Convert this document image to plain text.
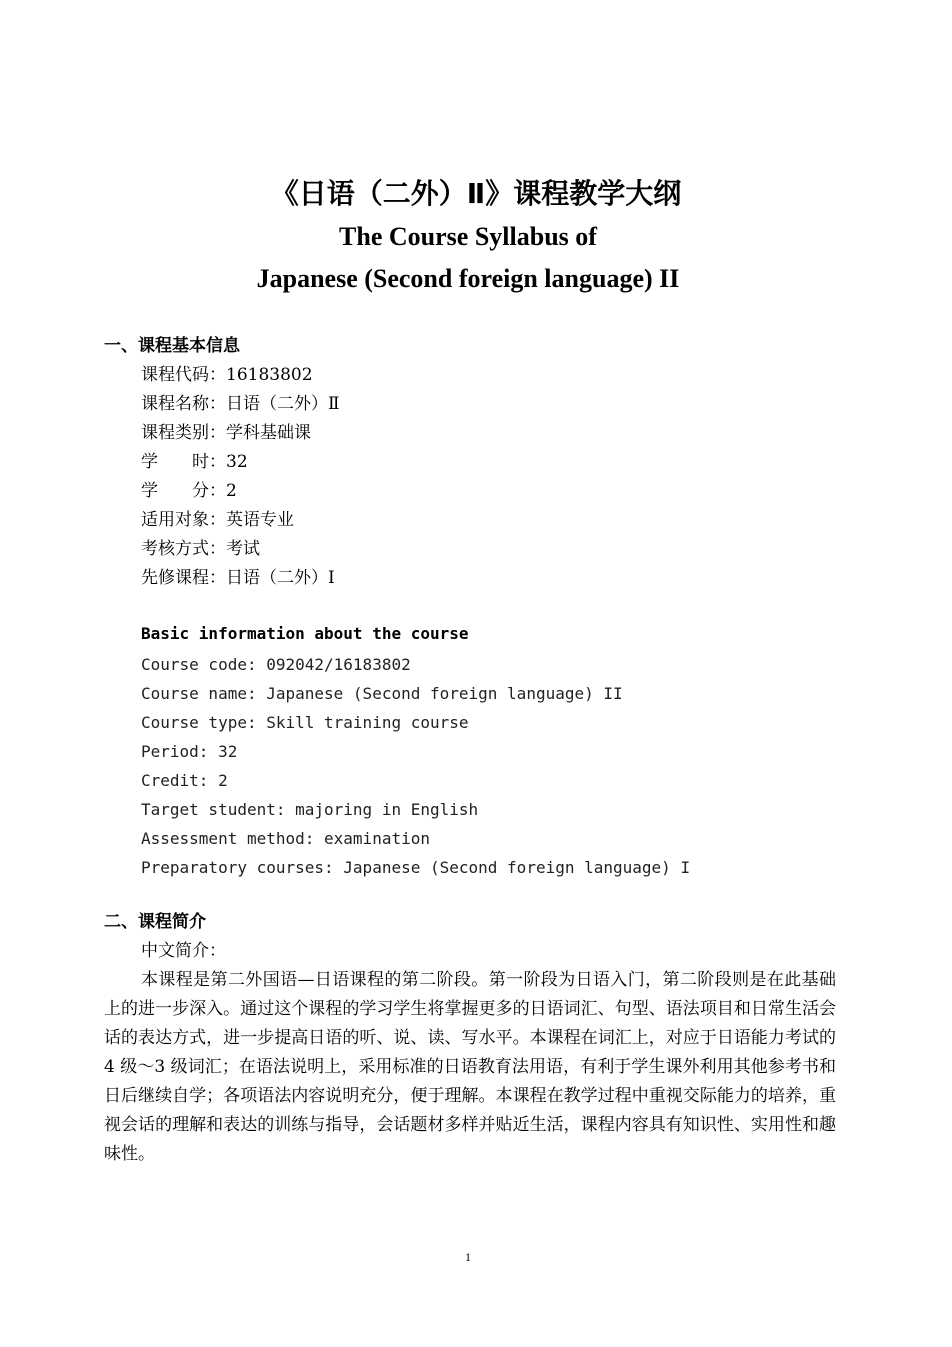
《日语（二外）Ⅱ》课程教学大纲
The Course Syllabus of
Japanese (Second foreign language) II
一、课程基本信息
课程代码：16183802
课程名称：日语（二外）Ⅱ
课程类别：学科基础课
学　　时：32
学　　分：2
适用对象：英语专业
考核方式：考试
先修课程：日语（二外）Ⅰ
Basic information about the course
Course code: 092042/16183802
Course name: Japanese (Second foreign language) II
Course type: Skill training course
Period: 32
Credit: 2
Target student: majoring in English
Assessment method: examination
Preparatory courses: Japanese (Second foreign language) I
二、课程简介
中文简介：
本课程是第二外国语—日语课程的第二阶段。第一阶段为日语入门，第二阶段则是在此基础上的进一步深入。通过这个课程的学习学生将掌握更多的日语词汇、句型、语法项目和日常生活会话的表达方式，进一步提高日语的听、说、读、写水平。本课程在词汇上，对应于日语能力考试的 4 级～3 级词汇；在语法说明上，采用标准的日语教育法用语，有利于学生课外利用其他参考书和日后继续自学；各项语法内容说明充分，便于理解。本课程在教学过程中重视交际能力的培养，重视会话的理解和表达的训练与指导，会话题材多样并贴近生活，课程内容具有知识性、实用性和趣味性。
1
